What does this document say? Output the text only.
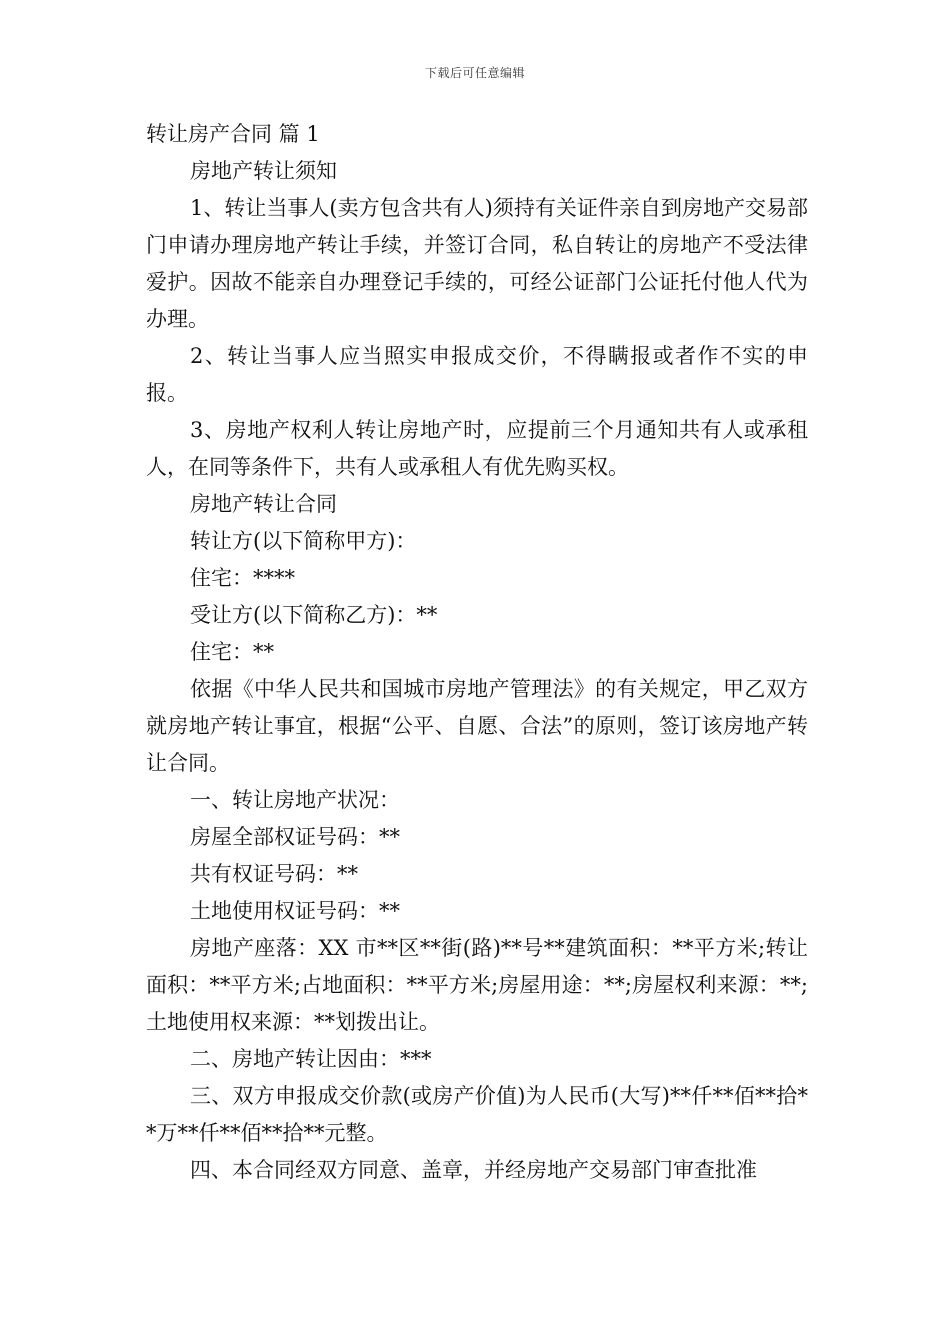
下载后可任意编辑

转让房产合同 篇 1

房地产转让须知

1、转让当事人(卖方包含共有人)须持有关证件亲自到房地产交易部门申请办理房地产转让手续，并签订合同，私自转让的房地产不受法律爱护。因故不能亲自办理登记手续的，可经公证部门公证托付他人代为办理。

2、转让当事人应当照实申报成交价，不得瞒报或者作不实的申报。

3、房地产权利人转让房地产时，应提前三个月通知共有人或承租人，在同等条件下，共有人或承租人有优先购买权。

房地产转让合同

转让方(以下简称甲方)：

住宅：****

受让方(以下简称乙方)：**

住宅：**

依据《中华人民共和国城市房地产管理法》的有关规定，甲乙双方就房地产转让事宜，根据“公平、自愿、合法”的原则，签订该房地产转让合同。

一、转让房地产状况：

房屋全部权证号码：**

共有权证号码：**

土地使用权证号码：**

房地产座落：XX 市**区**街(路)**号**建筑面积：**平方米;转让面积：**平方米;占地面积：**平方米;房屋用途：**;房屋权利来源：**;土地使用权来源：**划拨出让。

二、房地产转让因由：***

三、双方申报成交价款(或房产价值)为人民币(大写)**仟**佰**拾**万**仟**佰**拾**元整。

四、本合同经双方同意、盖章，并经房地产交易部门审查批准
